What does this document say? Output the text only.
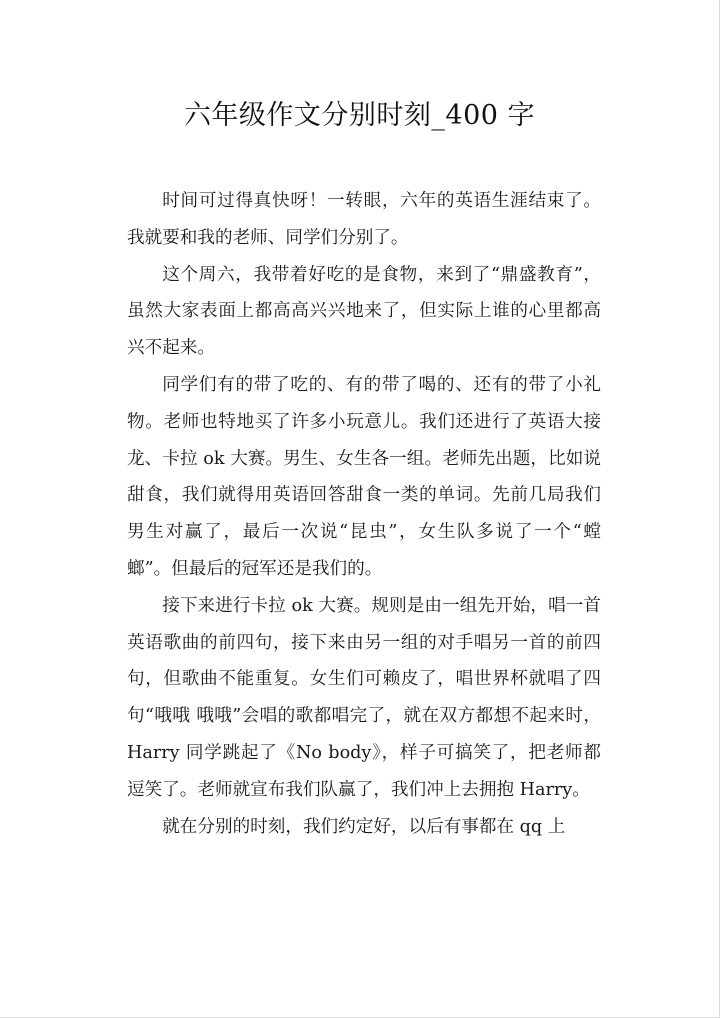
六年级作文分别时刻_400 字

时间可过得真快呀！一转眼，六年的英语生涯结束了。我就要和我的老师、同学们分别了。

这个周六，我带着好吃的是食物，来到了“鼎盛教育”，虽然大家表面上都高高兴兴地来了，但实际上谁的心里都高兴不起来。

同学们有的带了吃的、有的带了喝的、还有的带了小礼物。老师也特地买了许多小玩意儿。我们还进行了英语大接龙、卡拉 ok 大赛。男生、女生各一组。老师先出题，比如说甜食，我们就得用英语回答甜食一类的单词。先前几局我们男生对赢了，最后一次说“昆虫”，女生队多说了一个“螳螂”。但最后的冠军还是我们的。

接下来进行卡拉 ok 大赛。规则是由一组先开始，唱一首英语歌曲的前四句，接下来由另一组的对手唱另一首的前四句，但歌曲不能重复。女生们可赖皮了，唱世界杯就唱了四句“哦哦 哦哦”会唱的歌都唱完了，就在双方都想不起来时，Harry 同学跳起了《No body》，样子可搞笑了，把老师都逗笑了。老师就宣布我们队赢了，我们冲上去拥抱 Harry。

就在分别的时刻，我们约定好，以后有事都在 qq 上
